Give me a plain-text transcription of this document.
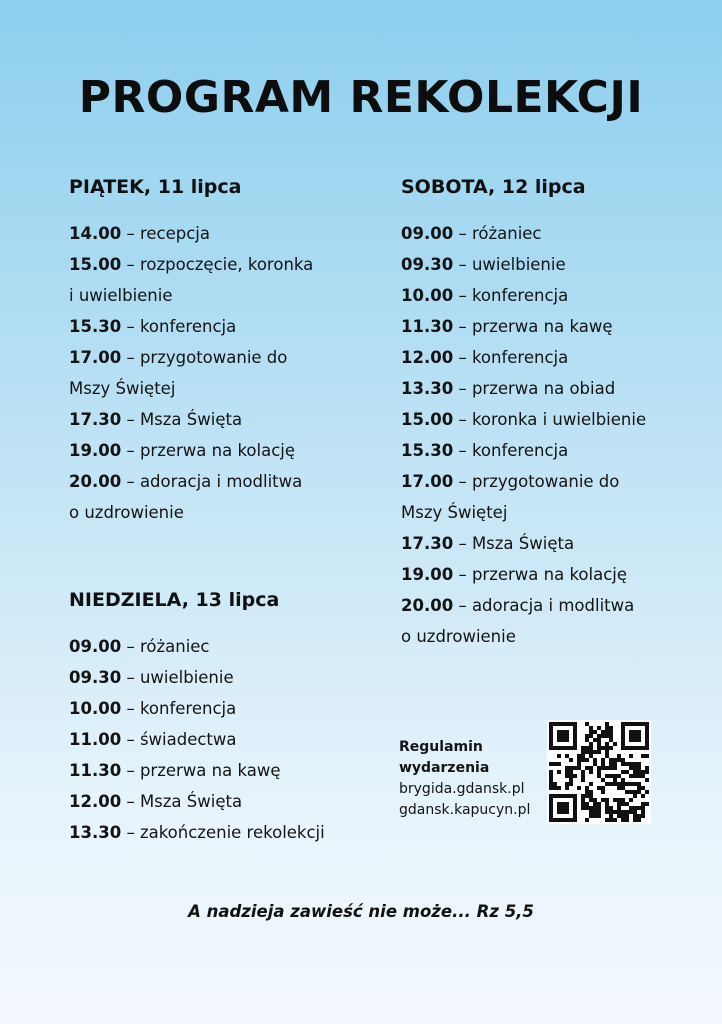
PROGRAM REKOLEKCJI
PIĄTEK, 11 lipca
14.00 – recepcja
15.00 – rozpoczęcie, koronka
i uwielbienie
15.30 – konferencja
17.00 – przygotowanie do
Mszy Świętej
17.30 – Msza Święta
19.00 – przerwa na kolację
20.00 – adoracja i modlitwa
o uzdrowienie
SOBOTA, 12 lipca
09.00 – różaniec
09.30 – uwielbienie
10.00 – konferencja
11.30 – przerwa na kawę
12.00 – konferencja
13.30 – przerwa na obiad
15.00 – koronka i uwielbienie
15.30 – konferencja
17.00 – przygotowanie do
Mszy Świętej
17.30 – Msza Święta
19.00 – przerwa na kolację
20.00 – adoracja i modlitwa
o uzdrowienie
NIEDZIELA, 13 lipca
09.00 – różaniec
09.30 – uwielbienie
10.00 – konferencja
11.00 – świadectwa
11.30 – przerwa na kawę
12.00 – Msza Święta
13.30 – zakończenie rekolekcji
Regulamin
wydarzenia
brygida.gdansk.pl
gdansk.kapucyn.pl
A nadzieja zawieść nie może... Rz 5,5
